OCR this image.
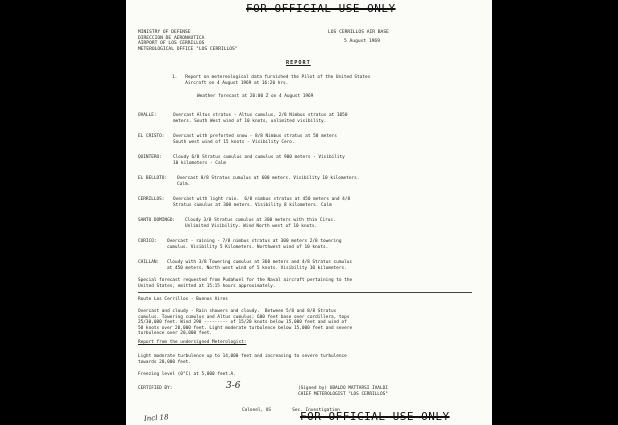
FOR OFFICIAL USE ONLY
MINISTRY OF DEFENSE
DIRECCION DE AERONAUTICA
AIRPORT OF LOS CERRILLOS
METEROLOGICAL OFFICE "LOS CERRILLOS"
LOS CERRILLOS AIR BASE
5 August 1969
REPORT
1.   Report on metereological data furnished the Pilot of the United States
Aircraft on 4 August 1969 at 16:20 hrs.
Weather forecast at 20:00 Z on 4 August 1969
OVALLE:	Overcast Altus stratus - Altus cumulus, 2/8 Nimbus stratus at 1050
meters. South West wind of 10 knots, unlimited visibility.
EL CRISTO: Overcast with preforted snow - 8/8 Nimbus stratus at 50 meters
South west wind of 15 knots - Visibility Cero.
QUINTERO:	Cloudy 6/8 Stratus cumulus and cumulus at 900 meters - Visibility
10 kilometers - Calm
EL BELLOTO: Overcast 8/8 Stratus cumulus at 600 meters. Visibility 10 kilometers.
Calm.
CERRILLOS: Overcast with light rain.  6/8 nimbus stratus at 450 meters and 4/8
Stratus cumulus at 300 meters. Visibility 8 kilometers. Calm
SANTO DOMINGO: Cloudy 3/8 Stratus cumulus at 300 meters with thin Cirus.
Unlimited Visibility. Wind North west of 10 knots.
CURICO: Overcast - raining - 7/8 nimbus stratus at 300 meters 2/8 towering
cumulus. Visibility 5 Kilometers. Northwest wind of 10 knots.
CHILLAN: Cloudy with 3/8 Towering cumulus at 360 meters and 4/8 Stratus cumulus
at 450 meters. North west wind of 5 knots. Visibility 10 kilometers.
Special forecast requested from Pudahuel for the Naval aircraft pertaining to the
United States, emitted at 15:15 hours approximately.
Route Los Cerrillos - Buenos Aires
Overcast and cloudy - Rain showers and cloudy.  Between 5/8 and 8/8 Stratus
cumulus. Towering cumulus and Altus cumulus; 600 feet base over cordillera, tops
25/30,000 feet. Wind 290 --------- of 15/20 knots below 15,000 feet and wind of
50 knots over 20,000 feet. Light moderate turbulence below 15,000 feet and severe
turbulence over 20,000 feet.
Report from the undersigned Meterologist:
Light moderate turbulence up to 14,000 feet and increasing to severe turbulence
towards 20,000 feet.
Freezing level (0°C) at 5,000 feet.A.
CERTIFIED BY:	3-6	(Signed by) UBALDO MATTARSI IVALDI
CHIEF METEROLOGIST "LOS CERRILLOS"
Colonel, US        Sec. Investigation
FOR OFFICIAL USE ONLY
Incl 18
